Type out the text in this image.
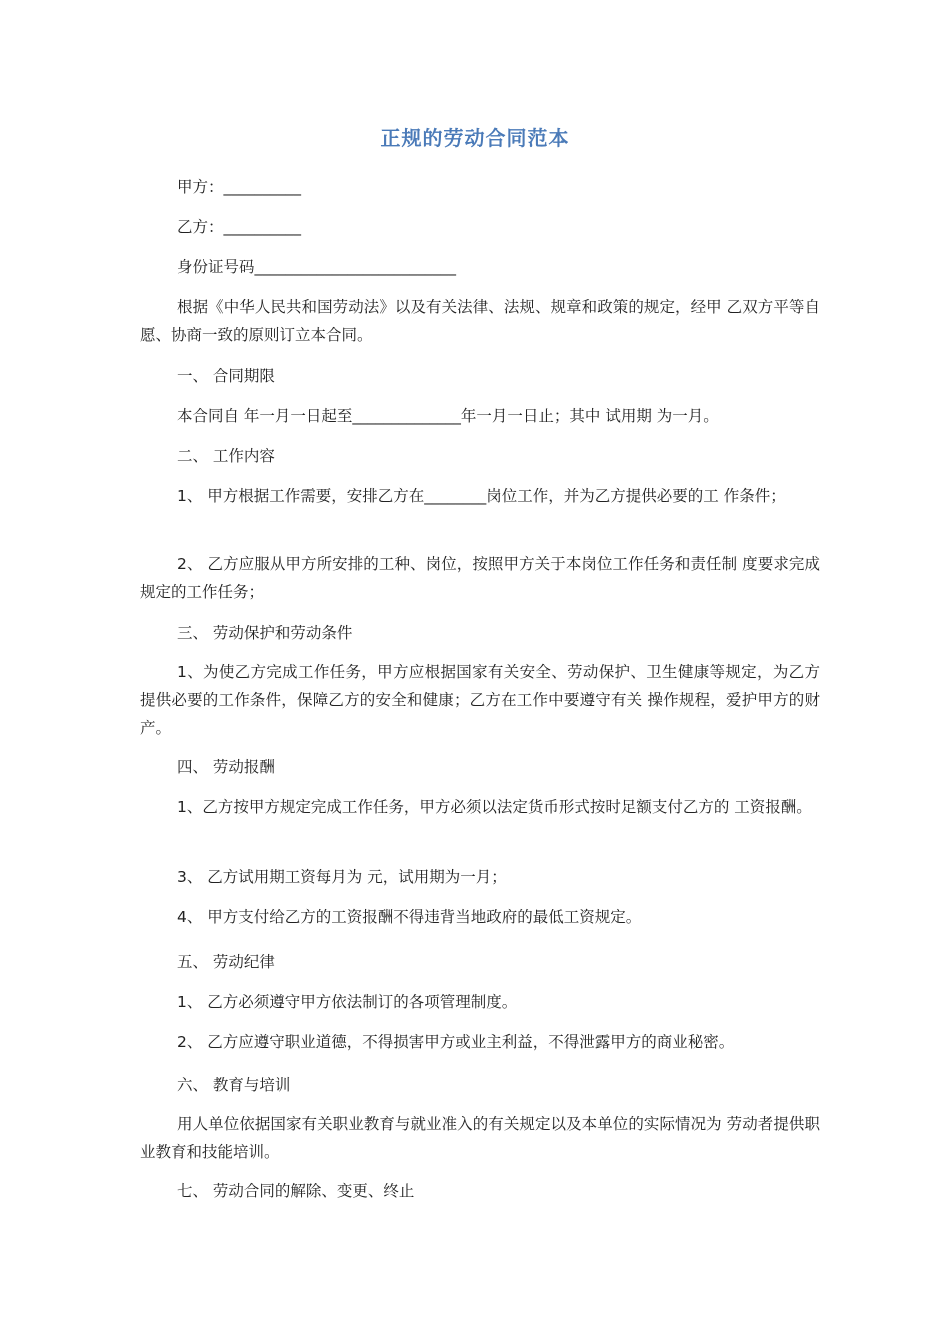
正规的劳动合同范本
甲方：__________
乙方：__________
身份证号码__________________________
根据《中华人民共和国劳动法》以及有关法律、法规、规章和政策的规定，经甲 乙双方平等自愿、协商一致的原则订立本合同。
一、 合同期限
本合同自 年一月一日起至______________年一月一日止；其中 试用期 为一月。
二、 工作内容
1、 甲方根据工作需要，安排乙方在________岗位工作，并为乙方提供必要的工 作条件；
2、 乙方应服从甲方所安排的工种、岗位，按照甲方关于本岗位工作任务和责任制 度要求完成规定的工作任务；
三、 劳动保护和劳动条件
1、为使乙方完成工作任务，甲方应根据国家有关安全、劳动保护、卫生健康等规定，为乙方提供必要的工作条件，保障乙方的安全和健康；乙方在工作中要遵守有关 操作规程，爱护甲方的财产。
四、 劳动报酬
1、乙方按甲方规定完成工作任务，甲方必须以法定货币形式按时足额支付乙方的 工资报酬。
3、 乙方试用期工资每月为 元，试用期为一月；
4、 甲方支付给乙方的工资报酬不得违背当地政府的最低工资规定。
五、 劳动纪律
1、 乙方必须遵守甲方依法制订的各项管理制度。
2、 乙方应遵守职业道德，不得损害甲方或业主利益，不得泄露甲方的商业秘密。
六、 教育与培训
用人单位依据国家有关职业教育与就业准入的有关规定以及本单位的实际情况为 劳动者提供职业教育和技能培训。
七、 劳动合同的解除、变更、终止
